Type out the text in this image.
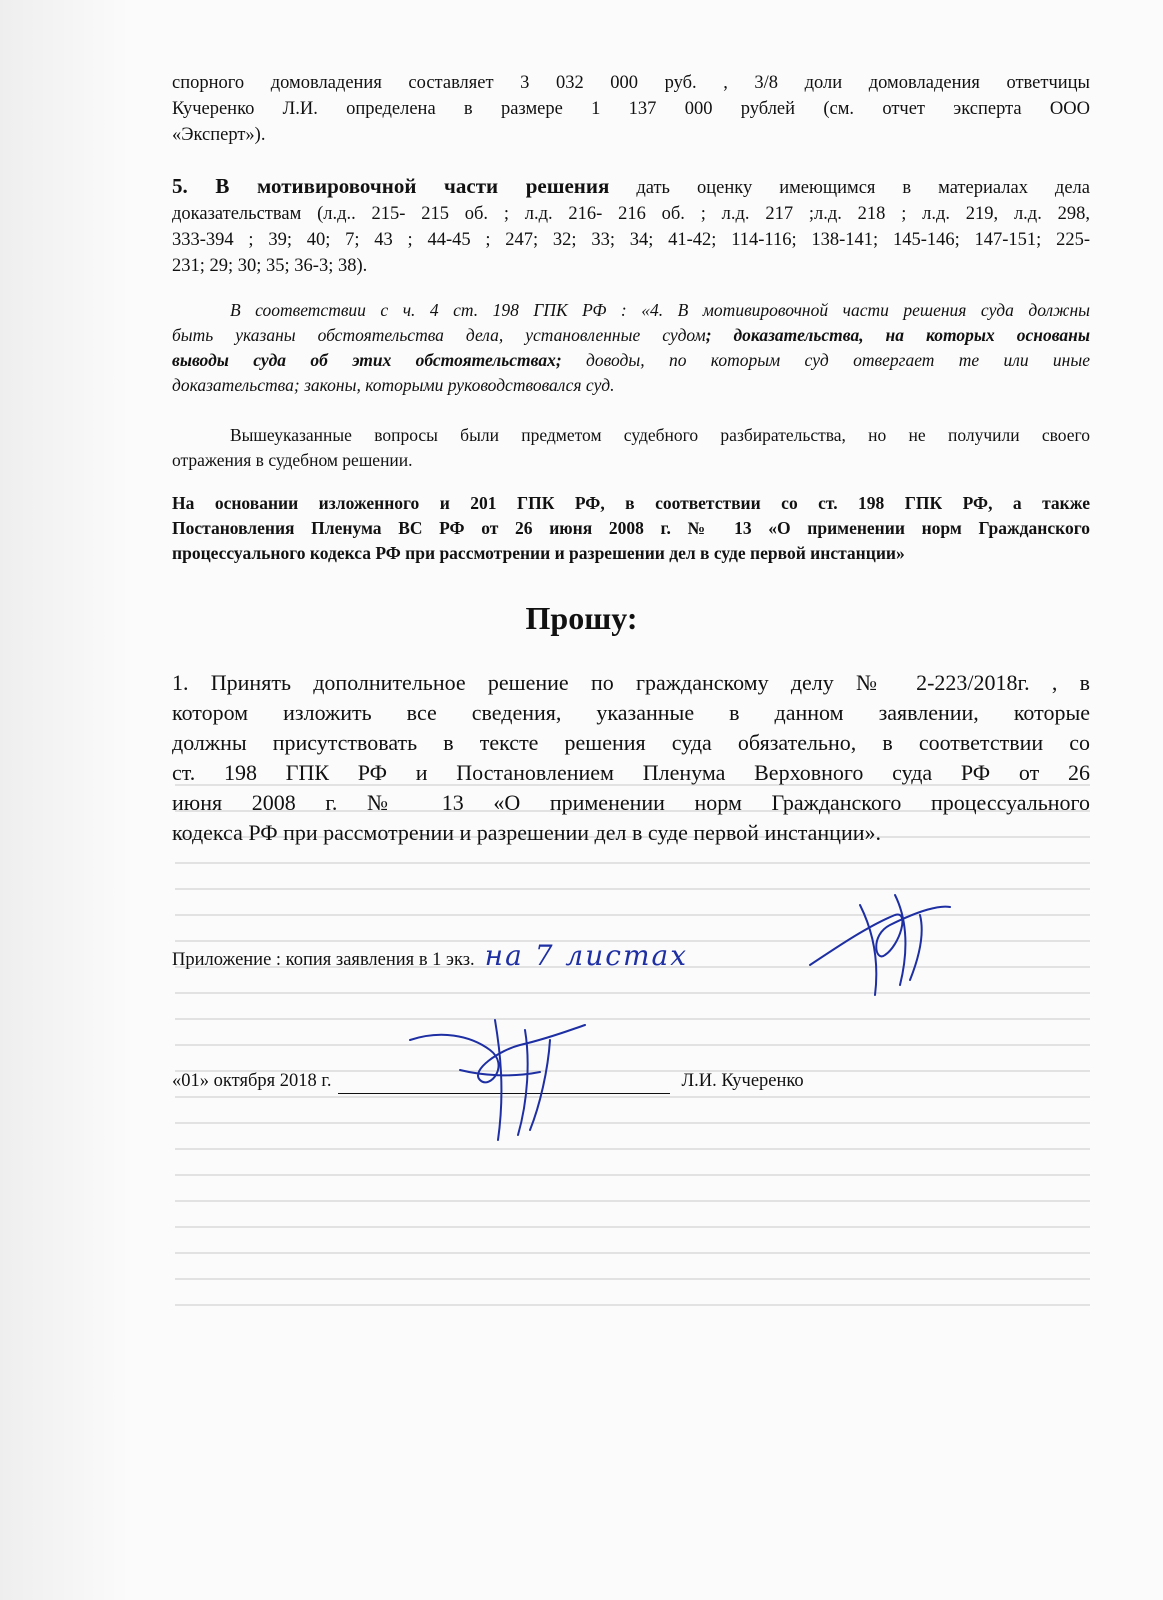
спорного домовладения составляет 3 032 000 руб. , 3/8 доли домовладения ответчицы

Кучеренко Л.И. определена в размере 1 137 000 рублей (см. отчет эксперта ООО

«Эксперт»).

5. В мотивировочной части решения дать оценку имеющимся в материалах дела

доказательствам (л.д.. 215- 215 об. ; л.д. 216- 216 об. ; л.д. 217 ;л.д. 218 ; л.д. 219, л.д. 298,

333-394 ; 39; 40; 7; 43 ; 44-45 ; 247; 32; 33; 34; 41-42; 114-116; 138-141; 145-146; 147-151; 225-

231; 29; 30; 35; 36-3; 38).

В соответствии с ч. 4 ст. 198 ГПК РФ : «4. В мотивировочной части решения суда должны

быть указаны обстоятельства дела, установленные судом; доказательства, на которых основаны

выводы суда об этих обстоятельствах; доводы, по которым суд отвергает те или иные

доказательства; законы, которыми руководствовался суд.

Вышеуказанные вопросы были предметом судебного разбирательства, но не получили своего

отражения в судебном решении.

На основании изложенного и 201 ГПК РФ, в соответствии со ст. 198 ГПК РФ, а также

Постановления Пленума ВС РФ от 26 июня 2008 г. № 13 «О применении норм Гражданского

процессуального кодекса РФ при рассмотрении и разрешении дел в суде первой инстанции»

Прошу:

1. Принять дополнительное решение по гражданскому делу № 2-223/2018г. , в

котором изложить все сведения, указанные в данном заявлении, которые

должны присутствовать в тексте решения суда обязательно, в соответствии со

ст. 198 ГПК РФ и Постановлением Пленума Верховного суда РФ от 26

июня 2008 г. № 13 «О применении норм Гражданского процессуального

кодекса РФ при рассмотрении и разрешении дел в суде первой инстанции».

Приложение : копия заявления в 1 экз. на 7 листах
«01» октября 2018 г.	Л.И. Кучеренко
